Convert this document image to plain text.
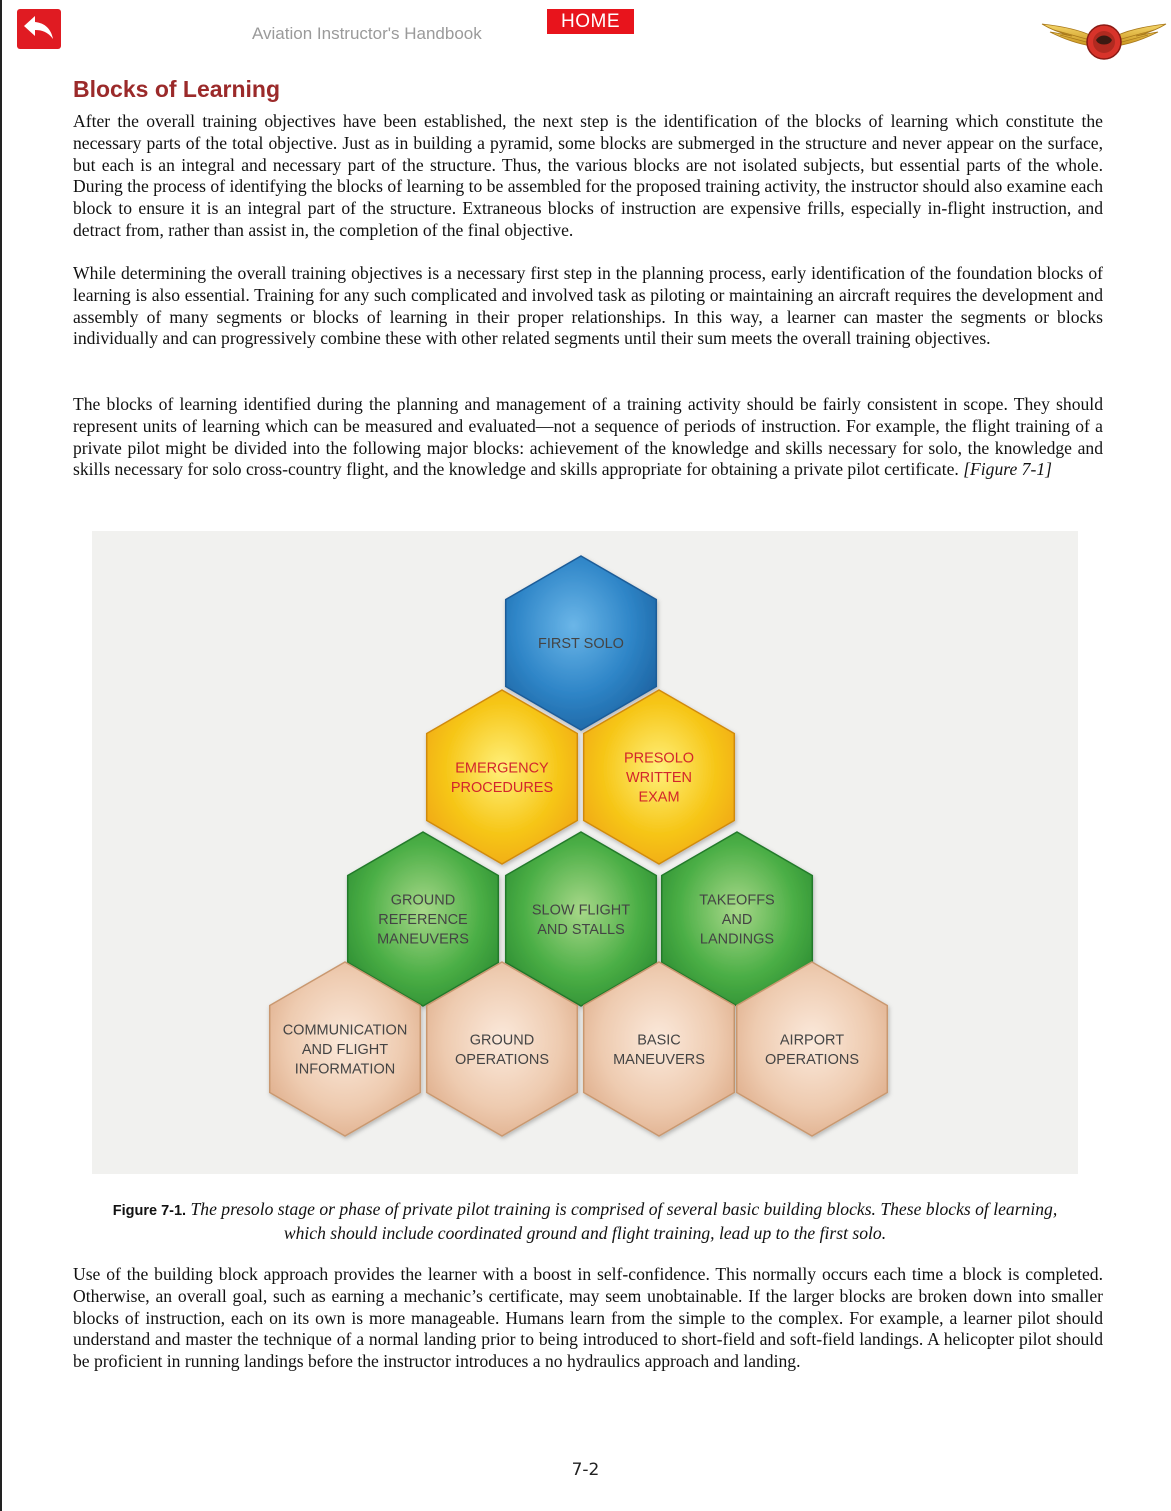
Aviation Instructor's Handbook
HOME
Blocks of Learning

After the overall training objectives have been established, the next step is the identification of the blocks of learning which constitute the necessary parts of the total objective. Just as in building a pyramid, some blocks are submerged in the structure and never appear on the surface, but each is an integral and necessary part of the structure. Thus, the various blocks are not isolated subjects, but essential parts of the whole. During the process of identifying the blocks of learning to be assembled for the proposed training activity, the instructor should also examine each block to ensure it is an integral part of the structure. Extraneous blocks of instruction are expensive frills, especially in-flight instruction, and detract from, rather than assist in, the completion of the final objective.

While determining the overall training objectives is a necessary first step in the planning process, early identification of the foundation blocks of learning is also essential. Training for any such complicated and involved task as piloting or maintaining an aircraft requires the development and assembly of many segments or blocks of learning in their proper relationships. In this way, a learner can master the segments or blocks individually and can progressively combine these with other related segments until their sum meets the overall training objectives.

The blocks of learning identified during the planning and management of a training activity should be fairly consistent in scope. They should represent units of learning which can be measured and evaluated—not a sequence of periods of instruction. For example, the flight training of a private pilot might be divided into the following major blocks: achievement of the knowledge and skills necessary for solo, the knowledge and skills necessary for solo cross-country flight, and the knowledge and skills appropriate for obtaining a private pilot certificate. [Figure 7-1]

FIRST SOLO
EMERGENCY PROCEDURES
PRESOLO WRITTEN EXAM
GROUND REFERENCE MANEUVERS
SLOW FLIGHT AND STALLS
TAKEOFFS AND LANDINGS
COMMUNICATION AND FLIGHT INFORMATION
GROUND OPERATIONS
BASIC MANEUVERS
AIRPORT OPERATIONS
Figure 7-1. The presolo stage or phase of private pilot training is comprised of several basic building blocks. These blocks of learning, which should include coordinated ground and flight training, lead up to the first solo.

Use of the building block approach provides the learner with a boost in self-confidence. This normally occurs each time a block is completed. Otherwise, an overall goal, such as earning a mechanic’s certificate, may seem unobtainable. If the larger blocks are broken down into smaller blocks of instruction, each on its own is more manageable. Humans learn from the simple to the complex. For example, a learner pilot should understand and master the technique of a normal landing prior to being introduced to short-field and soft-field landings. A helicopter pilot should be proficient in running landings before the instructor introduces a no hydraulics approach and landing.

7-2
